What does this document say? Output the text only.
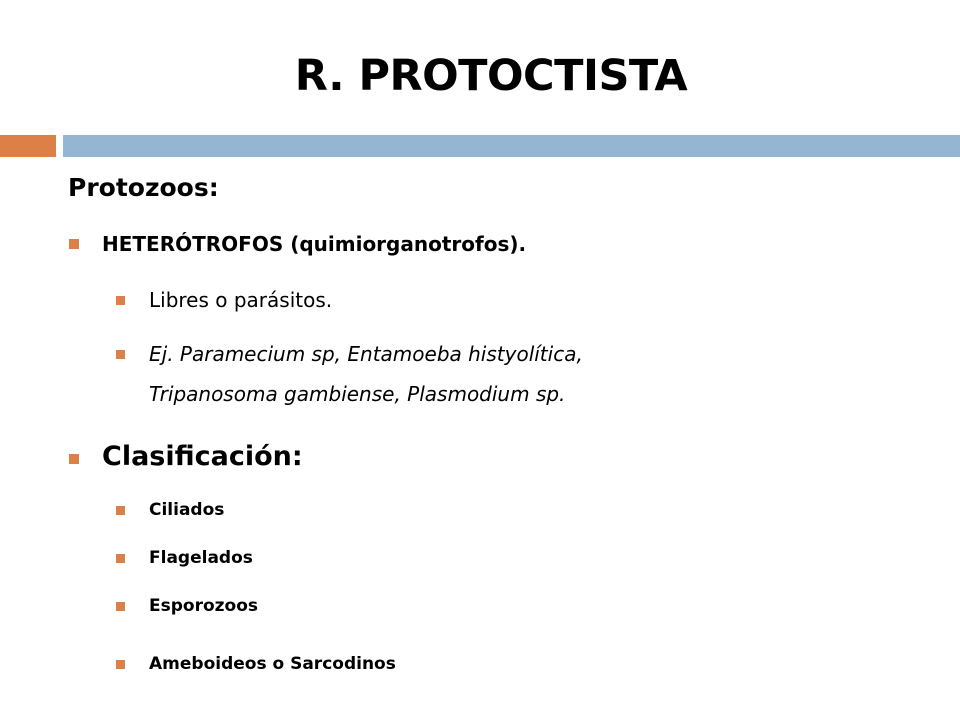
R. PROTOCTISTA
Protozoos:
HETERÓTROFOS (quimiorganotrofos).
Libres o parásitos.
Ej. Paramecium sp, Entamoeba histyolítica,
Tripanosoma gambiense, Plasmodium sp.
Clasificación:
Ciliados
Flagelados
Esporozoos
Ameboideos o Sarcodinos
